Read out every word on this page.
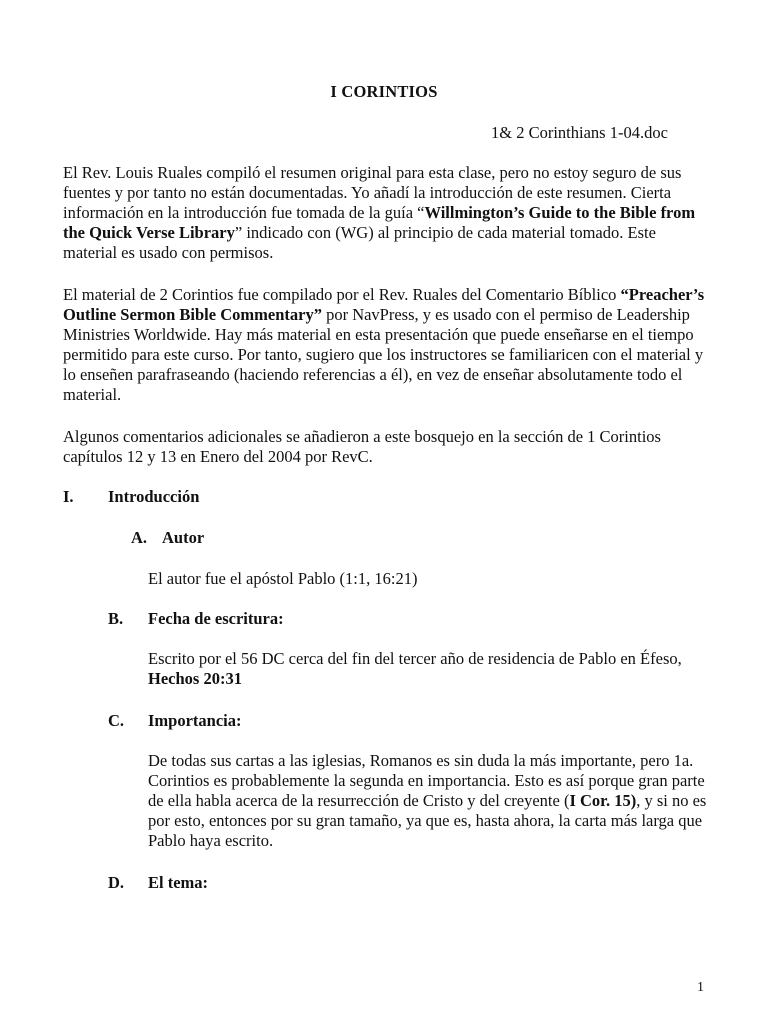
I CORINTIOS
1& 2 Corinthians 1-04.doc

El Rev. Louis Ruales compiló el resumen original para esta clase, pero no estoy seguro de sus fuentes y por tanto no están documentadas. Yo añadí la introducción de este resumen. Cierta información en la introducción fue tomada de la guía “Willmington’s Guide to the Bible from the Quick Verse Library” indicado con (WG) al principio de cada material tomado. Este material es usado con permisos.

El material de 2 Corintios fue compilado por el Rev. Ruales del Comentario Bíblico “Preacher’s Outline Sermon Bible Commentary” por NavPress, y es usado con el permiso de Leadership Ministries Worldwide. Hay más material en esta presentación que puede enseñarse en el tiempo permitido para este curso. Por tanto, sugiero que los instructores se familiaricen con el material y lo enseñen parafraseando (haciendo referencias a él), en vez de enseñar absolutamente todo el material.

Algunos comentarios adicionales se añadieron a este bosquejo en la sección de 1 Corintios capítulos 12 y 13 en Enero del 2004 por RevC.

I. Introducción
A. Autor

El autor fue el apóstol Pablo (1:1, 16:21)

B. Fecha de escritura:

Escrito por el 56 DC cerca del fin del tercer año de residencia de Pablo en Éfeso, Hechos 20:31

C. Importancia:

De todas sus cartas a las iglesias, Romanos es sin duda la más importante, pero 1a. Corintios es probablemente la segunda en importancia. Esto es así porque gran parte de ella habla acerca de la resurrección de Cristo y del creyente (I Cor. 15), y si no es por esto, entonces por su gran tamaño, ya que es, hasta ahora, la carta más larga que Pablo haya escrito.

D. El tema:
1
